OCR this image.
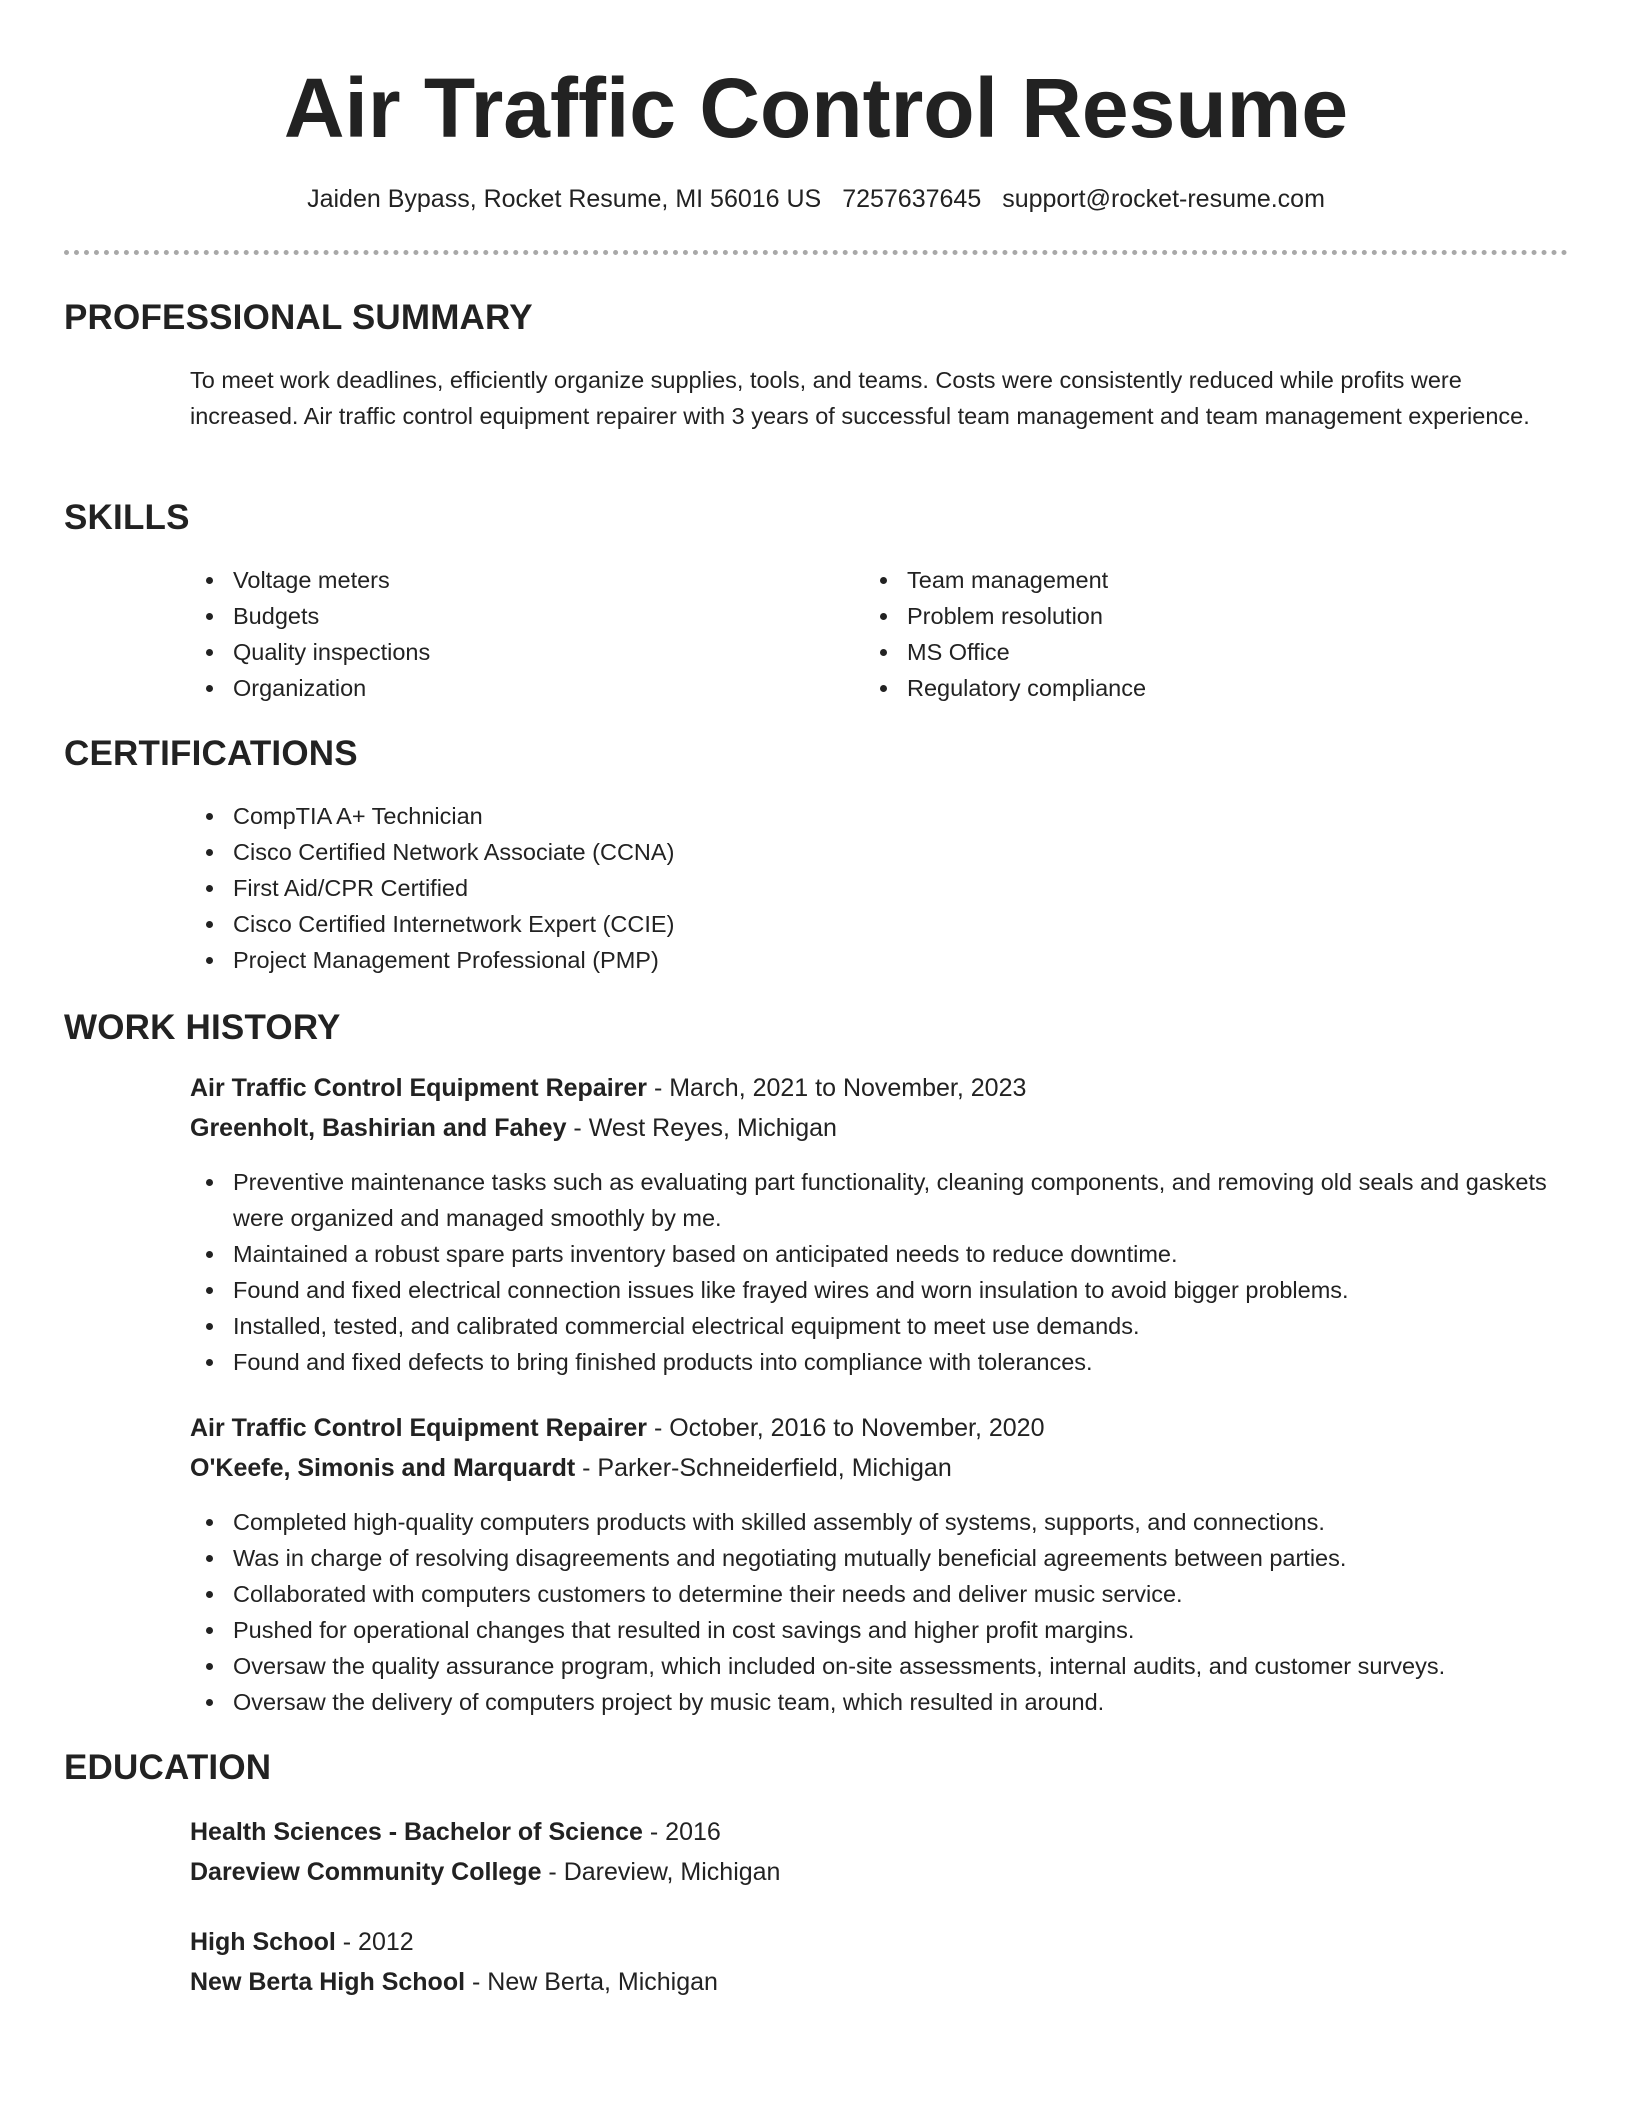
Air Traffic Control Resume
Jaiden Bypass, Rocket Resume, MI 56016 US 7257637645 support@rocket-resume.com
PROFESSIONAL SUMMARY

To meet work deadlines, efficiently organize supplies, tools, and teams. Costs were consistently reduced while profits were increased. Air traffic control equipment repairer with 3 years of successful team management and team management experience.

SKILLS
Voltage meters
Budgets
Quality inspections
Organization
Team management
Problem resolution
MS Office
Regulatory compliance
CERTIFICATIONS
CompTIA A+ Technician
Cisco Certified Network Associate (CCNA)
First Aid/CPR Certified
Cisco Certified Internetwork Expert (CCIE)
Project Management Professional (PMP)
WORK HISTORY

Air Traffic Control Equipment Repairer - March, 2021 to November, 2023

Greenholt, Bashirian and Fahey - West Reyes, Michigan

Preventive maintenance tasks such as evaluating part functionality, cleaning components, and removing old seals and gaskets were organized and managed smoothly by me.
Maintained a robust spare parts inventory based on anticipated needs to reduce downtime.
Found and fixed electrical connection issues like frayed wires and worn insulation to avoid bigger problems.
Installed, tested, and calibrated commercial electrical equipment to meet use demands.
Found and fixed defects to bring finished products into compliance with tolerances.

Air Traffic Control Equipment Repairer - October, 2016 to November, 2020

O'Keefe, Simonis and Marquardt - Parker-Schneiderfield, Michigan

Completed high-quality computers products with skilled assembly of systems, supports, and connections.
Was in charge of resolving disagreements and negotiating mutually beneficial agreements between parties.
Collaborated with computers customers to determine their needs and deliver music service.
Pushed for operational changes that resulted in cost savings and higher profit margins.
Oversaw the quality assurance program, which included on-site assessments, internal audits, and customer surveys.
Oversaw the delivery of computers project by music team, which resulted in around.
EDUCATION

Health Sciences - Bachelor of Science - 2016

Dareview Community College - Dareview, Michigan

High School - 2012

New Berta High School - New Berta, Michigan
